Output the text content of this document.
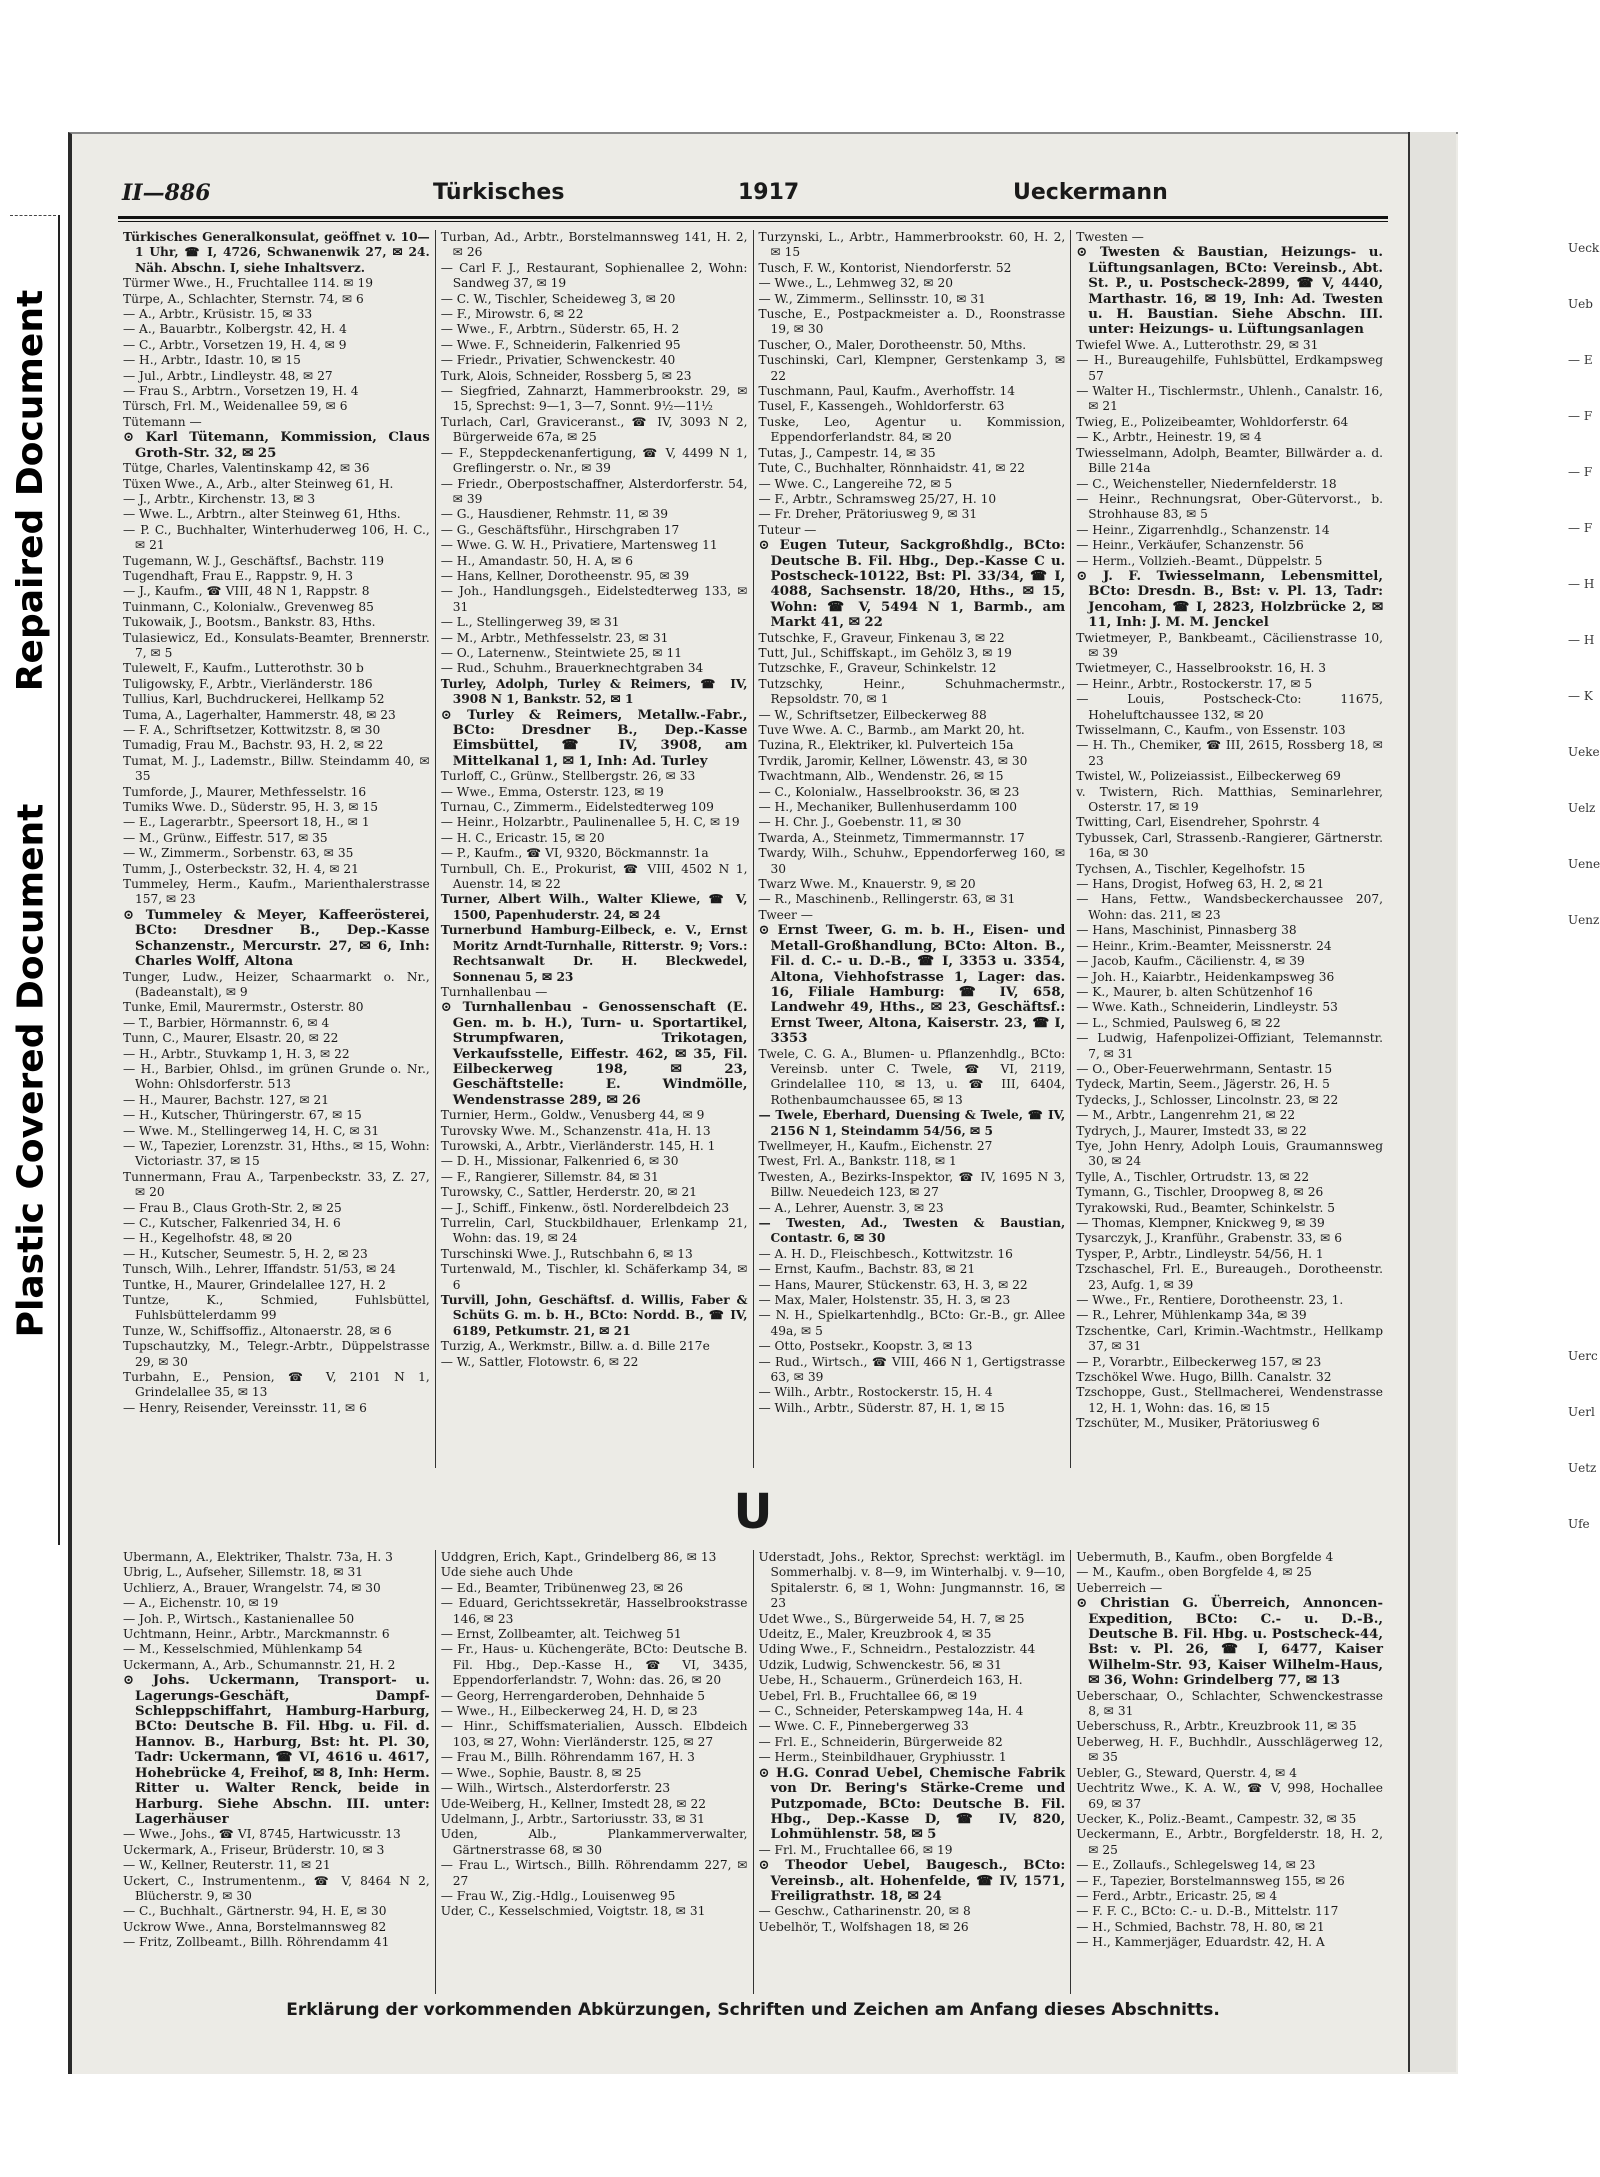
Repaired Document
Plastic Covered Document
II—886	Türkisches	1917	Ueckermann

Türkisches Generalkonsulat, geöffnet v. 10—1 Uhr, ☎ I, 4726, Schwanenwik 27, ✉ 24. Näh. Abschn. I, siehe Inhaltsverz.

Türmer Wwe., H., Fruchtallee 114. ✉ 19

Türpe, A., Schlachter, Sternstr. 74, ✉ 6

— A., Arbtr., Krüsistr. 15, ✉ 33

— A., Bauarbtr., Kolbergstr. 42, H. 4

— C., Arbtr., Vorsetzen 19, H. 4, ✉ 9

— H., Arbtr., Idastr. 10, ✉ 15

— Jul., Arbtr., Lindleystr. 48, ✉ 27

— Frau S., Arbtrn., Vorsetzen 19, H. 4

Türsch, Frl. M., Weidenallee 59, ✉ 6

Tütemann —

⊙ Karl Tütemann, Kommission, Claus Groth-Str. 32, ✉ 25

Tütge, Charles, Valentinskamp 42, ✉ 36

Tüxen Wwe., A., Arb., alter Steinweg 61, H.

— J., Arbtr., Kirchenstr. 13, ✉ 3

— Wwe. L., Arbtrn., alter Steinweg 61, Hths.

— P. C., Buchhalter, Winterhuderweg 106, H. C., ✉ 21

Tugemann, W. J., Geschäftsf., Bachstr. 119

Tugendhaft, Frau E., Rappstr. 9, H. 3

— J., Kaufm., ☎ VIII, 48 N 1, Rappstr. 8

Tuinmann, C., Kolonialw., Grevenweg 85

Tukowaik, J., Bootsm., Bankstr. 83, Hths.

Tulasiewicz, Ed., Konsulats-Beamter, Brennerstr. 7, ✉ 5

Tulewelt, F., Kaufm., Lutterothstr. 30 b

Tuligowsky, F., Arbtr., Vierländerstr. 186

Tullius, Karl, Buchdruckerei, Hellkamp 52

Tuma, A., Lagerhalter, Hammerstr. 48, ✉ 23

— F. A., Schriftsetzer, Kottwitzstr. 8, ✉ 30

Tumadig, Frau M., Bachstr. 93, H. 2, ✉ 22

Tumat, M. J., Lademstr., Billw. Steindamm 40, ✉ 35

Tumforde, J., Maurer, Methfesselstr. 16

Tumiks Wwe. D., Süderstr. 95, H. 3, ✉ 15

— E., Lagerarbtr., Speersort 18, H., ✉ 1

— M., Grünw., Eiffestr. 517, ✉ 35

— W., Zimmerm., Sorbenstr. 63, ✉ 35

Tumm, J., Osterbeckstr. 32, H. 4, ✉ 21

Tummeley, Herm., Kaufm., Marienthalerstrasse 157, ✉ 23

⊙ Tummeley & Meyer, Kaffeerösterei, BCto: Dresdner B., Dep.-Kasse Schanzenstr., Mercurstr. 27, ✉ 6, Inh: Charles Wolff, Altona

Tunger, Ludw., Heizer, Schaarmarkt o. Nr., (Badeanstalt), ✉ 9

Tunke, Emil, Maurermstr., Osterstr. 80

— T., Barbier, Hörmannstr. 6, ✉ 4

Tunn, C., Maurer, Elsastr. 20, ✉ 22

— H., Arbtr., Stuvkamp 1, H. 3, ✉ 22

— H., Barbier, Ohlsd., im grünen Grunde o. Nr., Wohn: Ohlsdorferstr. 513

— H., Maurer, Bachstr. 127, ✉ 21

— H., Kutscher, Thüringerstr. 67, ✉ 15

— Wwe. M., Stellingerweg 14, H. C, ✉ 31

— W., Tapezier, Lorenzstr. 31, Hths., ✉ 15, Wohn: Victoriastr. 37, ✉ 15

Tunnermann, Frau A., Tarpenbeckstr. 33, Z. 27, ✉ 20

— Frau B., Claus Groth-Str. 2, ✉ 25

— C., Kutscher, Falkenried 34, H. 6

— H., Kegelhofstr. 48, ✉ 20

— H., Kutscher, Seumestr. 5, H. 2, ✉ 23

Tunsch, Wilh., Lehrer, Iffandstr. 51/53, ✉ 24

Tuntke, H., Maurer, Grindelallee 127, H. 2

Tuntze, K., Schmied, Fuhlsbüttel, Fuhlsbüttelerdamm 99

Tunze, W., Schiffsoffiz., Altonaerstr. 28, ✉ 6

Tupschautzky, M., Telegr.-Arbtr., Düppelstrasse 29, ✉ 30

Turbahn, E., Pension, ☎ V, 2101 N 1, Grindelallee 35, ✉ 13

— Henry, Reisender, Vereinsstr. 11, ✉ 6

Turban, Ad., Arbtr., Borstelmannsweg 141, H. 2, ✉ 26

— Carl F. J., Restaurant, Sophienallee 2, Wohn: Sandweg 37, ✉ 19

— C. W., Tischler, Scheideweg 3, ✉ 20

— F., Mirowstr. 6, ✉ 22

— Wwe., F., Arbtrn., Süderstr. 65, H. 2

— Wwe. F., Schneiderin, Falkenried 95

— Friedr., Privatier, Schwenckestr. 40

Turk, Alois, Schneider, Rossberg 5, ✉ 23

— Siegfried, Zahnarzt, Hammerbrookstr. 29, ✉ 15, Sprechst: 9—1, 3—7, Sonnt. 9½—11½

Turlach, Carl, Graviceranst., ☎ IV, 3093 N 2, Bürgerweide 67a, ✉ 25

— F., Steppdeckenanfertigung, ☎ V, 4499 N 1, Greflingerstr. o. Nr., ✉ 39

— Friedr., Oberpostschaffner, Alsterdorferstr. 54, ✉ 39

— G., Hausdiener, Rehmstr. 11, ✉ 39

— G., Geschäftsführ., Hirschgraben 17

— Wwe. G. W. H., Privatiere, Martensweg 11

— H., Amandastr. 50, H. A, ✉ 6

— Hans, Kellner, Dorotheenstr. 95, ✉ 39

— Joh., Handlungsgeh., Eidelstedterweg 133, ✉ 31

— L., Stellingerweg 39, ✉ 31

— M., Arbtr., Methfesselstr. 23, ✉ 31

— O., Laternenw., Steintwiete 25, ✉ 11

— Rud., Schuhm., Brauerknechtgraben 34

Turley, Adolph, Turley & Reimers, ☎ IV, 3908 N 1, Bankstr. 52, ✉ 1

⊙ Turley & Reimers, Metallw.-Fabr., BCto: Dresdner B., Dep.-Kasse Eimsbüttel, ☎ IV, 3908, am Mittelkanal 1, ✉ 1, Inh: Ad. Turley

Turloff, C., Grünw., Stellbergstr. 26, ✉ 33

— Wwe., Emma, Osterstr. 123, ✉ 19

Turnau, C., Zimmerm., Eidelstedterweg 109

— Heinr., Holzarbtr., Paulinenallee 5, H. C, ✉ 19

— H. C., Ericastr. 15, ✉ 20

— P., Kaufm., ☎ VI, 9320, Böckmannstr. 1a

Turnbull, Ch. E., Prokurist, ☎ VIII, 4502 N 1, Auenstr. 14, ✉ 22

Turner, Albert Wilh., Walter Kliewe, ☎ V, 1500, Papenhuderstr. 24, ✉ 24

Turnerbund Hamburg-Eilbeck, e. V., Ernst Moritz Arndt-Turnhalle, Ritterstr. 9; Vors.: Rechtsanwalt Dr. H. Bleckwedel, Sonnenau 5, ✉ 23

Turnhallenbau —

⊙ Turnhallenbau - Genossenschaft (E. Gen. m. b. H.), Turn- u. Sportartikel, Strumpfwaren, Trikotagen, Verkaufsstelle, Eiffestr. 462, ✉ 35, Fil. Eilbeckerweg 198, ✉ 23, Geschäftstelle: E. Windmölle, Wendenstrasse 289, ✉ 26

Turnier, Herm., Goldw., Venusberg 44, ✉ 9

Turovsky Wwe. M., Schanzenstr. 41a, H. 13

Turowski, A., Arbtr., Vierländerstr. 145, H. 1

— D. H., Missionar, Falkenried 6, ✉ 30

— F., Rangierer, Sillemstr. 84, ✉ 31

Turowsky, C., Sattler, Herderstr. 20, ✉ 21

— J., Schiff., Finkenw., östl. Norderelbdeich 23

Turrelin, Carl, Stuckbildhauer, Erlenkamp 21, Wohn: das. 19, ✉ 24

Turschinski Wwe. J., Rutschbahn 6, ✉ 13

Turtenwald, M., Tischler, kl. Schäferkamp 34, ✉ 6

Turvill, John, Geschäftsf. d. Willis, Faber & Schüts G. m. b. H., BCto: Nordd. B., ☎ IV, 6189, Petkumstr. 21, ✉ 21

Turzig, A., Werkmstr., Billw. a. d. Bille 217e

— W., Sattler, Flotowstr. 6, ✉ 22

Turzynski, L., Arbtr., Hammerbrookstr. 60, H. 2, ✉ 15

Tusch, F. W., Kontorist, Niendorferstr. 52

— Wwe., L., Lehmweg 32, ✉ 20

— W., Zimmerm., Sellinsstr. 10, ✉ 31

Tusche, E., Postpackmeister a. D., Roonstrasse 19, ✉ 30

Tuscher, O., Maler, Dorotheenstr. 50, Mths.

Tuschinski, Carl, Klempner, Gerstenkamp 3, ✉ 22

Tuschmann, Paul, Kaufm., Averhoffstr. 14

Tusel, F., Kassengeh., Wohldorferstr. 63

Tuske, Leo, Agentur u. Kommission, Eppendorferlandstr. 84, ✉ 20

Tutas, J., Campestr. 14, ✉ 35

Tute, C., Buchhalter, Rönnhaidstr. 41, ✉ 22

— Wwe. C., Langereihe 72, ✉ 5

— F., Arbtr., Schramsweg 25/27, H. 10

— Fr. Dreher, Prätoriusweg 9, ✉ 31

Tuteur —

⊙ Eugen Tuteur, Sackgroßhdlg., BCto: Deutsche B. Fil. Hbg., Dep.-Kasse C u. Postscheck-10122, Bst: Pl. 33/34, ☎ I, 4088, Sachsenstr. 18/20, Hths., ✉ 15, Wohn: ☎ V, 5494 N 1, Barmb., am Markt 41, ✉ 22

Tutschke, F., Graveur, Finkenau 3, ✉ 22

Tutt, Jul., Schiffskapt., im Gehölz 3, ✉ 19

Tutzschke, F., Graveur, Schinkelstr. 12

Tutzschky, Heinr., Schuhmachermstr., Repsoldstr. 70, ✉ 1

— W., Schriftsetzer, Eilbeckerweg 88

Tuve Wwe. A. C., Barmb., am Markt 20, ht.

Tuzina, R., Elektriker, kl. Pulverteich 15a

Tvrdik, Jaromir, Kellner, Löwenstr. 43, ✉ 30

Twachtmann, Alb., Wendenstr. 26, ✉ 15

— C., Kolonialw., Hasselbrookstr. 36, ✉ 23

— H., Mechaniker, Bullenhuserdamm 100

— H. Chr. J., Goebenstr. 11, ✉ 30

Twarda, A., Steinmetz, Timmermannstr. 17

Twardy, Wilh., Schuhw., Eppendorferweg 160, ✉ 30

Twarz Wwe. M., Knauerstr. 9, ✉ 20

— R., Maschinenb., Rellingerstr. 63, ✉ 31

Tweer —

⊙ Ernst Tweer, G. m. b. H., Eisen- und Metall-Großhandlung, BCto: Alton. B., Fil. d. C.- u. D.-B., ☎ I, 3353 u. 3354, Altona, Viehhofstrasse 1, Lager: das. 16, Filiale Hamburg: ☎ IV, 658, Landwehr 49, Hths., ✉ 23, Geschäftsf.: Ernst Tweer, Altona, Kaiserstr. 23, ☎ I, 3353

Twele, C. G. A., Blumen- u. Pflanzenhdlg., BCto: Vereinsb. unter C. Twele, ☎ VI, 2119, Grindelallee 110, ✉ 13, u. ☎ III, 6404, Rothenbaumchaussee 65, ✉ 13

— Twele, Eberhard, Duensing & Twele, ☎ IV, 2156 N 1, Steindamm 54/56, ✉ 5

Twellmeyer, H., Kaufm., Eichenstr. 27

Twest, Frl. A., Bankstr. 118, ✉ 1

Twesten, A., Bezirks-Inspektor, ☎ IV, 1695 N 3, Billw. Neuedeich 123, ✉ 27

— A., Lehrer, Auenstr. 3, ✉ 23

— Twesten, Ad., Twesten & Baustian, Contastr. 6, ✉ 30

— A. H. D., Fleischbesch., Kottwitzstr. 16

— Ernst, Kaufm., Bachstr. 83, ✉ 21

— Hans, Maurer, Stückenstr. 63, H. 3, ✉ 22

— Max, Maler, Holstenstr. 35, H. 3, ✉ 23

— N. H., Spielkartenhdlg., BCto: Gr.-B., gr. Allee 49a, ✉ 5

— Otto, Postsekr., Koopstr. 3, ✉ 13

— Rud., Wirtsch., ☎ VIII, 466 N 1, Gertigstrasse 63, ✉ 39

— Wilh., Arbtr., Rostockerstr. 15, H. 4

— Wilh., Arbtr., Süderstr. 87, H. 1, ✉ 15

Twesten —

⊙ Twesten & Baustian, Heizungs- u. Lüftungsanlagen, BCto: Vereinsb., Abt. St. P., u. Postscheck-2899, ☎ V, 4440, Marthastr. 16, ✉ 19, Inh: Ad. Twesten u. H. Baustian. Siehe Abschn. III. unter: Heizungs- u. Lüftungsanlagen

Twiefel Wwe. A., Lutterothstr. 29, ✉ 31

— H., Bureaugehilfe, Fuhlsbüttel, Erdkampsweg 57

— Walter H., Tischlermstr., Uhlenh., Canalstr. 16, ✉ 21

Twieg, E., Polizeibeamter, Wohldorferstr. 64

— K., Arbtr., Heinestr. 19, ✉ 4

Twiesselmann, Adolph, Beamter, Billwärder a. d. Bille 214a

— C., Weichensteller, Niedernfelderstr. 18

— Heinr., Rechnungsrat, Ober-Gütervorst., b. Strohhause 83, ✉ 5

— Heinr., Zigarrenhdlg., Schanzenstr. 14

— Heinr., Verkäufer, Schanzenstr. 56

— Herm., Vollzieh.-Beamt., Düppelstr. 5

⊙ J. F. Twiesselmann, Lebensmittel, BCto: Dresdn. B., Bst: v. Pl. 13, Tadr: Jencoham, ☎ I, 2823, Holzbrücke 2, ✉ 11, Inh: J. M. M. Jenckel

Twietmeyer, P., Bankbeamt., Cäcilienstrasse 10, ✉ 39

Twietmeyer, C., Hasselbrookstr. 16, H. 3

— Heinr., Arbtr., Rostockerstr. 17, ✉ 5

— Louis, Postscheck-Cto: 11675, Hoheluftchaussee 132, ✉ 20

Twisselmann, C., Kaufm., von Essenstr. 103

— H. Th., Chemiker, ☎ III, 2615, Rossberg 18, ✉ 23

Twistel, W., Polizeiassist., Eilbeckerweg 69

v. Twistern, Rich. Matthias, Seminarlehrer, Osterstr. 17, ✉ 19

Twitting, Carl, Eisendreher, Spohrstr. 4

Tybussek, Carl, Strassenb.-Rangierer, Gärtnerstr. 16a, ✉ 30

Tychsen, A., Tischler, Kegelhofstr. 15

— Hans, Drogist, Hofweg 63, H. 2, ✉ 21

— Hans, Fettw., Wandsbeckerchaussee 207, Wohn: das. 211, ✉ 23

— Hans, Maschinist, Pinnasberg 38

— Heinr., Krim.-Beamter, Meissnerstr. 24

— Jacob, Kaufm., Cäcilienstr. 4, ✉ 39

— Joh. H., Kaiarbtr., Heidenkampsweg 36

— K., Maurer, b. alten Schützenhof 16

— Wwe. Kath., Schneiderin, Lindleystr. 53

— L., Schmied, Paulsweg 6, ✉ 22

— Ludwig, Hafenpolizei-Offiziant, Telemannstr. 7, ✉ 31

— O., Ober-Feuerwehrmann, Sentastr. 15

Tydeck, Martin, Seem., Jägerstr. 26, H. 5

Tydecks, J., Schlosser, Lincolnstr. 23, ✉ 22

— M., Arbtr., Langenrehm 21, ✉ 22

Tydrych, J., Maurer, Imstedt 33, ✉ 22

Tye, John Henry, Adolph Louis, Graumannsweg 30, ✉ 24

Tylle, A., Tischler, Ortrudstr. 13, ✉ 22

Tymann, G., Tischler, Droopweg 8, ✉ 26

Tyrakowski, Rud., Beamter, Schinkelstr. 5

— Thomas, Klempner, Knickweg 9, ✉ 39

Tysarczyk, J., Kranführ., Grabenstr. 33, ✉ 6

Tysper, P., Arbtr., Lindleystr. 54/56, H. 1

Tzschaschel, Frl. E., Bureaugeh., Dorotheenstr. 23, Aufg. 1, ✉ 39

— Wwe., Fr., Rentiere, Dorotheenstr. 23, 1.

— R., Lehrer, Mühlenkamp 34a, ✉ 39

Tzschentke, Carl, Krimin.-Wachtmstr., Hellkamp 37, ✉ 31

— P., Vorarbtr., Eilbeckerweg 157, ✉ 23

Tzschökel Wwe. Hugo, Billh. Canalstr. 32

Tzschoppe, Gust., Stellmacherei, Wendenstrasse 12, H. 1, Wohn: das. 16, ✉ 15

Tzschüter, M., Musiker, Prätoriusweg 6

U

Ubermann, A., Elektriker, Thalstr. 73a, H. 3

Ubrig, L., Aufseher, Sillemstr. 18, ✉ 31

Uchlierz, A., Brauer, Wrangelstr. 74, ✉ 30

— A., Eichenstr. 10, ✉ 19

— Joh. P., Wirtsch., Kastanienallee 50

Uchtmann, Heinr., Arbtr., Marckmannstr. 6

— M., Kesselschmied, Mühlenkamp 54

Uckermann, A., Arb., Schumannstr. 21, H. 2

⊙ Johs. Uckermann, Transport- u. Lagerungs-Geschäft, Dampf-Schleppschiffahrt, Hamburg-Harburg, BCto: Deutsche B. Fil. Hbg. u. Fil. d. Hannov. B., Harburg, Bst: ht. Pl. 30, Tadr: Uckermann, ☎ VI, 4616 u. 4617, Hohebrücke 4, Freihof, ✉ 8, Inh: Herm. Ritter u. Walter Renck, beide in Harburg. Siehe Abschn. III. unter: Lagerhäuser

— Wwe., Johs., ☎ VI, 8745, Hartwicusstr. 13

Uckermark, A., Friseur, Brüderstr. 10, ✉ 3

— W., Kellner, Reuterstr. 11, ✉ 21

Uckert, C., Instrumentenm., ☎ V, 8464 N 2, Blücherstr. 9, ✉ 30

— C., Buchhalt., Gärtnerstr. 94, H. E, ✉ 30

Uckrow Wwe., Anna, Borstelmannsweg 82

— Fritz, Zollbeamt., Billh. Röhrendamm 41

Uddgren, Erich, Kapt., Grindelberg 86, ✉ 13

Ude siehe auch Uhde

— Ed., Beamter, Tribünenweg 23, ✉ 26

— Eduard, Gerichtssekretär, Hasselbrookstrasse 146, ✉ 23

— Ernst, Zollbeamter, alt. Teichweg 51

— Fr., Haus- u. Küchengeräte, BCto: Deutsche B. Fil. Hbg., Dep.-Kasse H., ☎ VI, 3435, Eppendorferlandstr. 7, Wohn: das. 26, ✉ 20

— Georg, Herrengarderoben, Dehnhaide 5

— Wwe., H., Eilbeckerweg 24, H. D, ✉ 23

— Hinr., Schiffsmaterialien, Aussch. Elbdeich 103, ✉ 27, Wohn: Vierländerstr. 125, ✉ 27

— Frau M., Billh. Röhrendamm 167, H. 3

— Wwe., Sophie, Baustr. 8, ✉ 25

— Wilh., Wirtsch., Alsterdorferstr. 23

Ude-Weiberg, H., Kellner, Imstedt 28, ✉ 22

Udelmann, J., Arbtr., Sartoriusstr. 33, ✉ 31

Uden, Alb., Plankammerverwalter, Gärtnerstrasse 68, ✉ 30

— Frau L., Wirtsch., Billh. Röhrendamm 227, ✉ 27

— Frau W., Zig.-Hdlg., Louisenweg 95

Uder, C., Kesselschmied, Voigtstr. 18, ✉ 31

Uderstadt, Johs., Rektor, Sprechst: werktägl. im Sommerhalbj. v. 8—9, im Winterhalbj. v. 9—10, Spitalerstr. 6, ✉ 1, Wohn: Jungmannstr. 16, ✉ 23

Udet Wwe., S., Bürgerweide 54, H. 7, ✉ 25

Udeitz, E., Maler, Kreuzbrook 4, ✉ 35

Uding Wwe., F., Schneidrn., Pestalozzistr. 44

Udzik, Ludwig, Schwenckestr. 56, ✉ 31

Uebe, H., Schauerm., Grünerdeich 163, H.

Uebel, Frl. B., Fruchtallee 66, ✉ 19

— C., Schneider, Peterskampweg 14a, H. 4

— Wwe. C. F., Pinnebergerweg 33

— Frl. E., Schneiderin, Bürgerweide 82

— Herm., Steinbildhauer, Gryphiusstr. 1

⊙ H.G. Conrad Uebel, Chemische Fabrik von Dr. Bering's Stärke-Creme und Putzpomade, BCto: Deutsche B. Fil. Hbg., Dep.-Kasse D, ☎ IV, 820, Lohmühlenstr. 58, ✉ 5

— Frl. M., Fruchtallee 66, ✉ 19

⊙ Theodor Uebel, Baugesch., BCto: Vereinsb., alt. Hohenfelde, ☎ IV, 1571, Freiligrathstr. 18, ✉ 24

— Geschw., Catharinenstr. 20, ✉ 8

Uebelhör, T., Wolfshagen 18, ✉ 26

Uebermuth, B., Kaufm., oben Borgfelde 4

— M., Kaufm., oben Borgfelde 4, ✉ 25

Ueberreich —

⊙ Christian G. Überreich, Annoncen-Expedition, BCto: C.- u. D.-B., Deutsche B. Fil. Hbg. u. Postscheck-44, Bst: v. Pl. 26, ☎ I, 6477, Kaiser Wilhelm-Str. 93, Kaiser Wilhelm-Haus, ✉ 36, Wohn: Grindelberg 77, ✉ 13

Ueberschaar, O., Schlachter, Schwenckestrasse 8, ✉ 31

Ueberschuss, R., Arbtr., Kreuzbrook 11, ✉ 35

Ueberweg, H. F., Buchhdlr., Ausschlägerweg 12, ✉ 35

Uebler, G., Steward, Querstr. 4, ✉ 4

Uechtritz Wwe., K. A. W., ☎ V, 998, Hochallee 69, ✉ 37

Uecker, K., Poliz.-Beamt., Campestr. 32, ✉ 35

Ueckermann, E., Arbtr., Borgfelderstr. 18, H. 2, ✉ 25

— E., Zollaufs., Schlegelsweg 14, ✉ 23

— F., Tapezier, Borstelmannsweg 155, ✉ 26

— Ferd., Arbtr., Ericastr. 25, ✉ 4

— F. F. C., BCto: C.- u. D.-B., Mittelstr. 117

— H., Schmied, Bachstr. 78, H. 80, ✉ 21

— H., Kammerjäger, Eduardstr. 42, H. A

Erklärung der vorkommenden Abkürzungen, Schriften und Zeichen am Anfang dieses Abschnitts.
Ueck
Ueb
— E
— F
— F
— F
— H
— H
— K
Ueke
Uelz
Uene
Uenz
Uerc
Uerl
Uetz
Ufe
